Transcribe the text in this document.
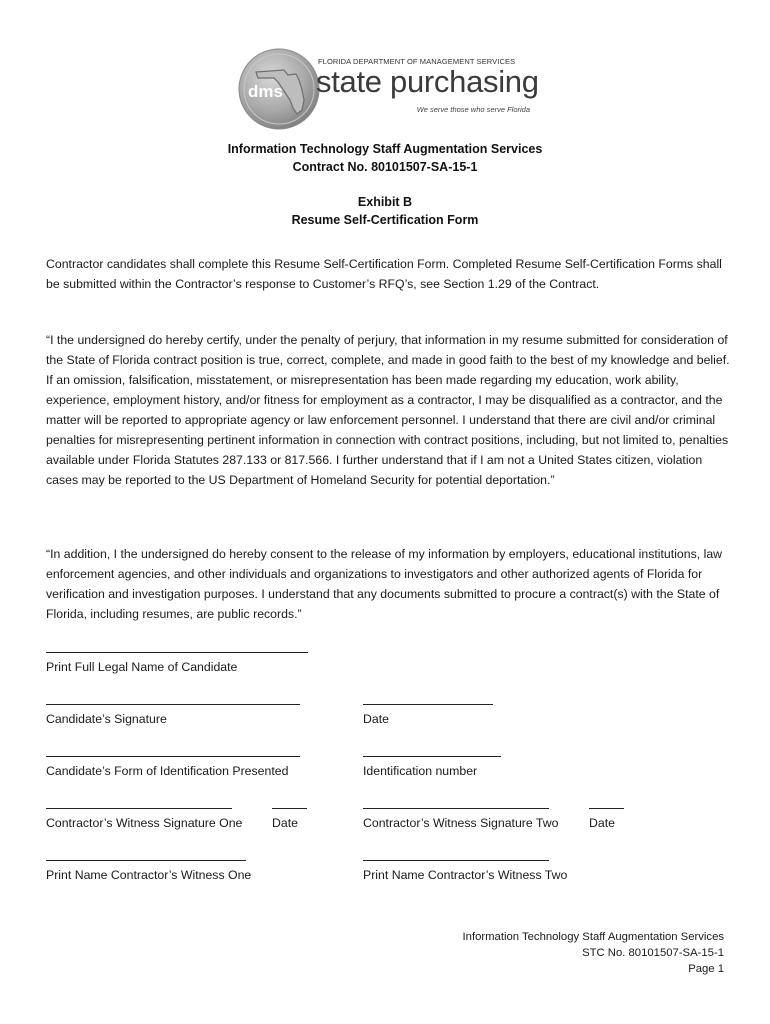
dms
FLORIDA DEPARTMENT OF MANAGEMENT SERVICES
state purchasing
We serve those who serve Florida
Information Technology Staff Augmentation Services
Contract No. 80101507-SA-15-1
Exhibit B
Resume Self-Certification Form
Contractor candidates shall complete this Resume Self-Certification Form. Completed Resume Self-Certification Forms shall be submitted within the Contractor’s response to Customer’s RFQ’s, see Section 1.29 of the Contract.
“I the undersigned do hereby certify, under the penalty of perjury, that information in my resume submitted for consideration of the State of Florida contract position is true, correct, complete, and made in good faith to the best of my knowledge and belief. If an omission, falsification, misstatement, or misrepresentation has been made regarding my education, work ability, experience, employment history, and/or fitness for employment as a contractor, I may be disqualified as a contractor, and the matter will be reported to appropriate agency or law enforcement personnel. I understand that there are civil and/or criminal penalties for misrepresenting pertinent information in connection with contract positions, including, but not limited to, penalties available under Florida Statutes 287.133 or 817.566. I further understand that if I am not a United States citizen, violation cases may be reported to the US Department of Homeland Security for potential deportation.”
“In addition, I the undersigned do hereby consent to the release of my information by employers, educational institutions, law enforcement agencies, and other individuals and organizations to investigators and other authorized agents of Florida for verification and investigation purposes. I understand that any documents submitted to procure a contract(s) with the State of Florida, including resumes, are public records.”
Print Full Legal Name of Candidate
Candidate’s Signature	Date
Candidate’s Form of Identification Presented	Identification number
Contractor’s Witness Signature One Date	Contractor’s Witness Signature Two Date
Print Name Contractor’s Witness One	Print Name Contractor’s Witness Two
Information Technology Staff Augmentation Services
STC No. 80101507-SA-15-1
Page 1
